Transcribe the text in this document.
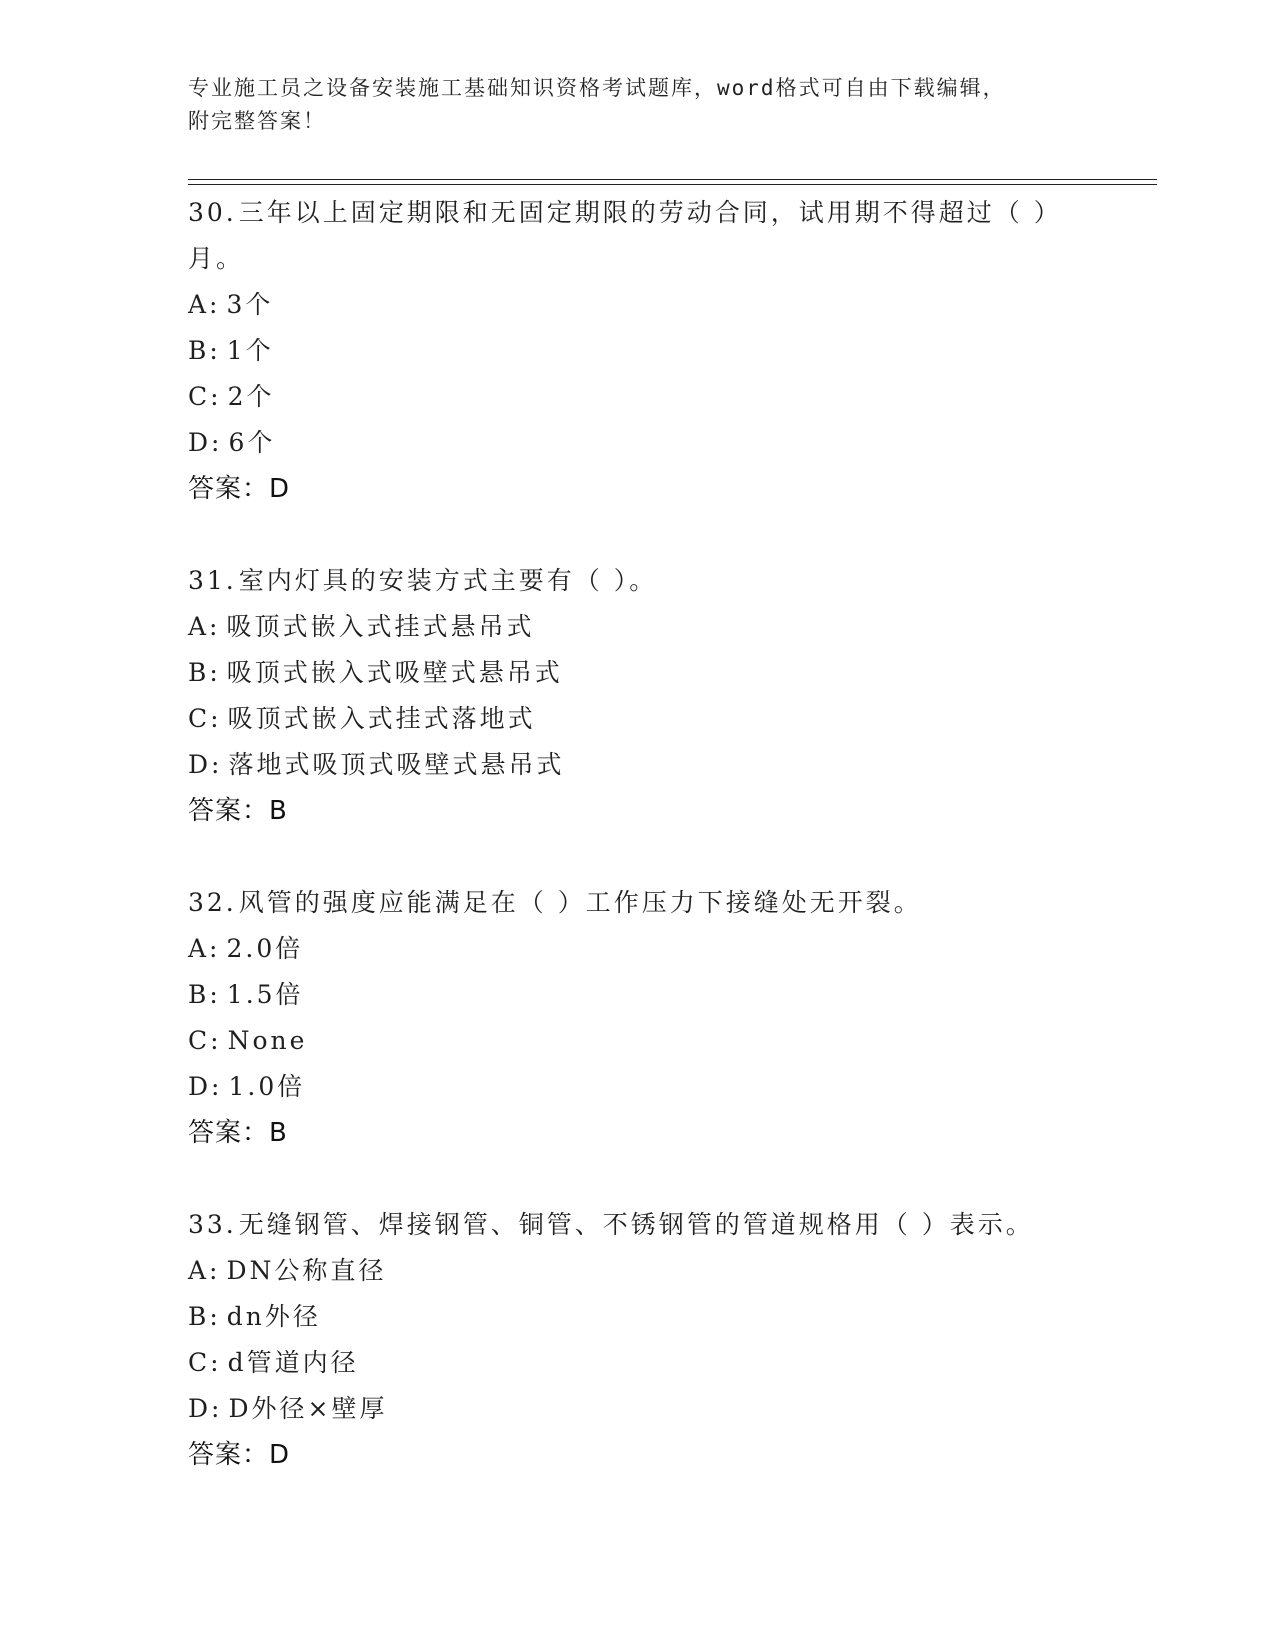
专业施工员之设备安装施工基础知识资格考试题库，word格式可自由下载编辑，
附完整答案！

30.三年以上固定期限和无固定期限的劳动合同，试用期不得超过（ ）月。

A: 3个

B: 1个

C: 2个

D: 6个

答案：D

31.室内灯具的安装方式主要有（ ）。

A: 吸顶式嵌入式挂式悬吊式

B: 吸顶式嵌入式吸壁式悬吊式

C: 吸顶式嵌入式挂式落地式

D: 落地式吸顶式吸壁式悬吊式

答案：B

32.风管的强度应能满足在（ ）工作压力下接缝处无开裂。

A: 2.0倍

B: 1.5倍

C: None

D: 1.0倍

答案：B

33.无缝钢管、焊接钢管、铜管、不锈钢管的管道规格用（ ）表示。

A: DN公称直径

B: dn外径

C: d管道内径

D: D外径×壁厚

答案：D
